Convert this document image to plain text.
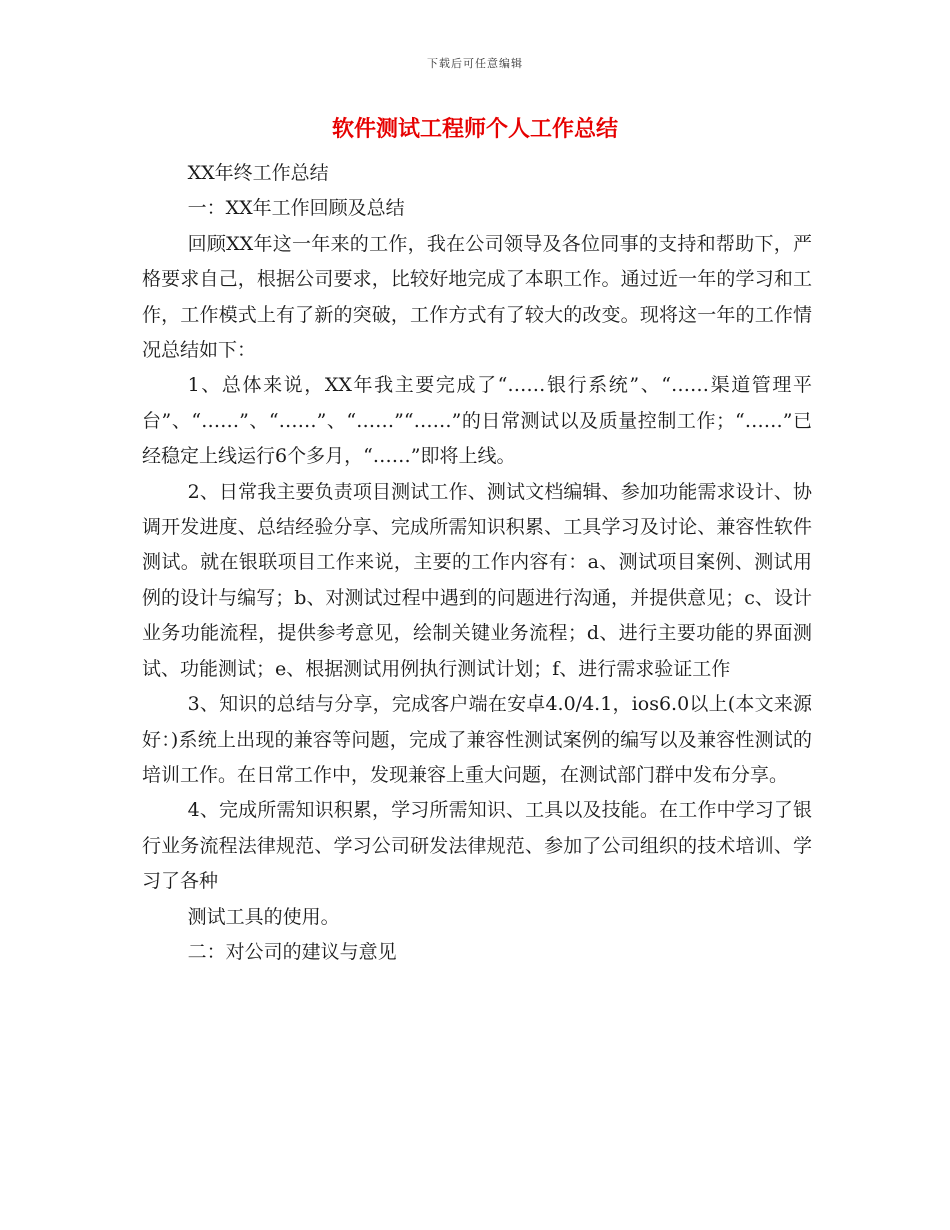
下载后可任意编辑
软件测试工程师个人工作总结

XX年终工作总结

一：XX年工作回顾及总结

回顾XX年这一年来的工作，我在公司领导及各位同事的支持和帮助下，严格要求自己，根据公司要求，比较好地完成了本职工作。通过近一年的学习和工作，工作模式上有了新的突破，工作方式有了较大的改变。现将这一年的工作情况总结如下：

1、总体来说，XX年我主要完成了“……银行系统”、“……渠道管理平台”、“……”、“……”、“……”“……”的日常测试以及质量控制工作；“……”已经稳定上线运行6个多月，“……”即将上线。

2、日常我主要负责项目测试工作、测试文档编辑、参加功能需求设计、协调开发进度、总结经验分享、完成所需知识积累、工具学习及讨论、兼容性软件测试。就在银联项目工作来说，主要的工作内容有：a、测试项目案例、测试用例的设计与编写；b、对测试过程中遇到的问题进行沟通，并提供意见；c、设计业务功能流程，提供参考意见，绘制关键业务流程；d、进行主要功能的界面测试、功能测试；e、根据测试用例执行测试计划；f、进行需求验证工作

3、知识的总结与分享，完成客户端在安卓4.0/4.1，ios6.0以上(本文来源好：)系统上出现的兼容等问题，完成了兼容性测试案例的编写以及兼容性测试的培训工作。在日常工作中，发现兼容上重大问题，在测试部门群中发布分享。

4、完成所需知识积累，学习所需知识、工具以及技能。在工作中学习了银行业务流程法律规范、学习公司研发法律规范、参加了公司组织的技术培训、学习了各种

测试工具的使用。

二：对公司的建议与意见
